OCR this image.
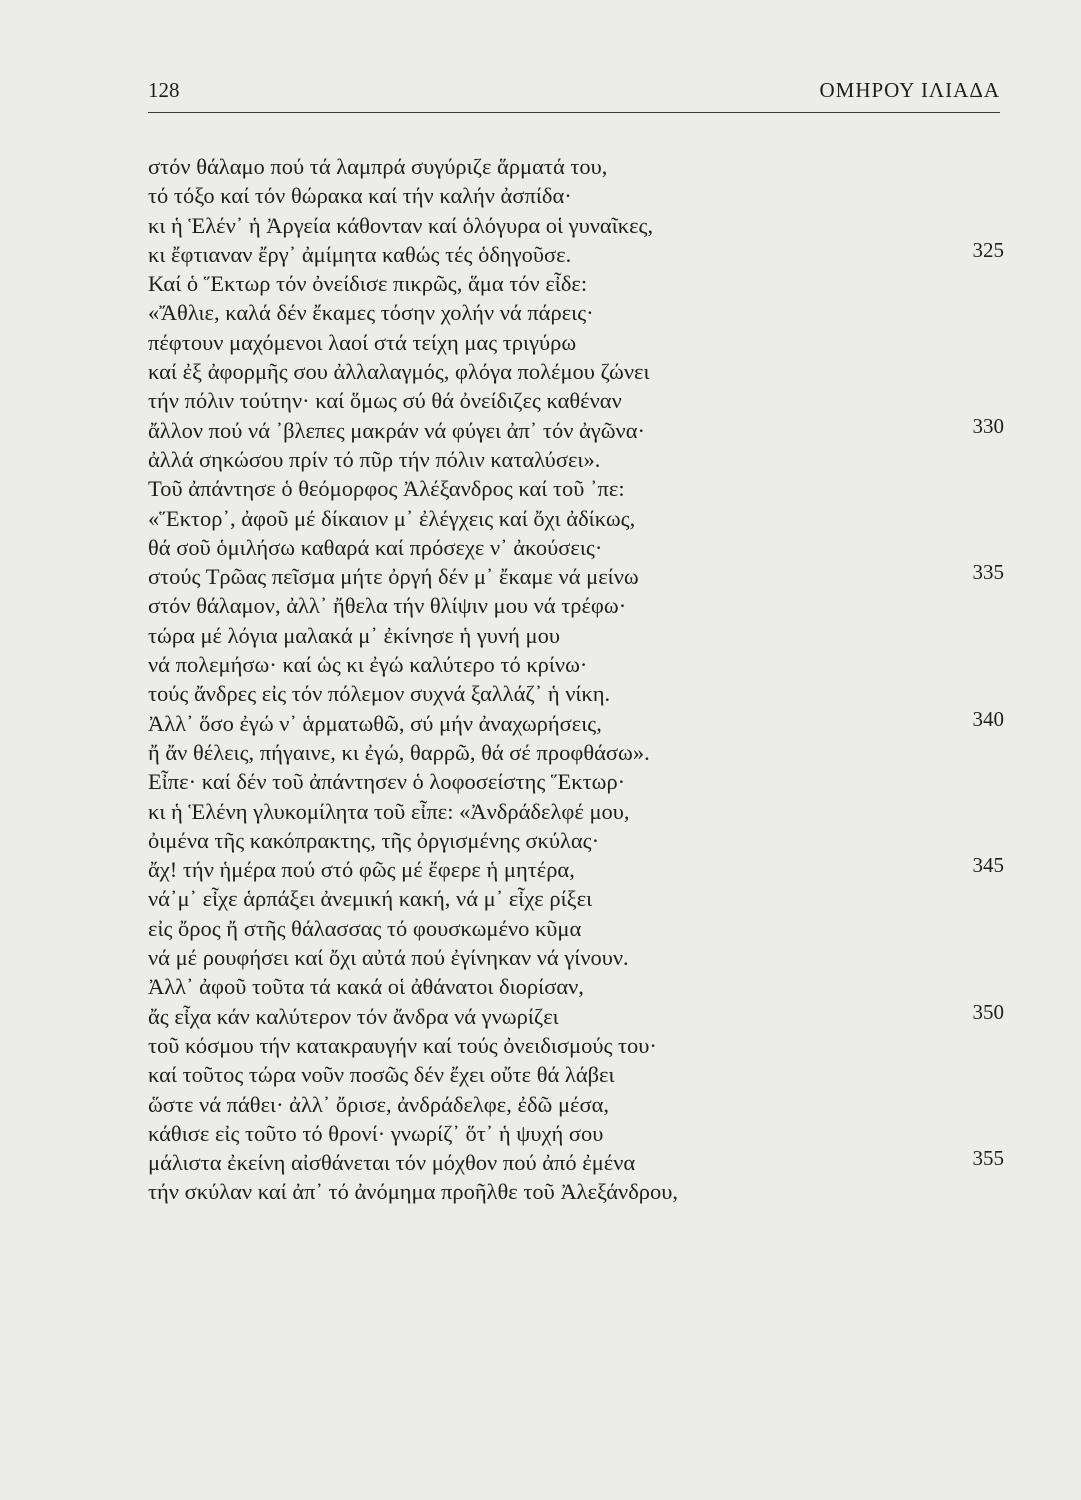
128	ΟΜΗΡΟΥ ΙΛΙΑΔΑ
στόν θάλαμο πού τά λαμπρά συγύριζε ἅρματά του,
τό τόξο καί τόν θώρακα καί τήν καλήν ἀσπίδα·
κι ἡ Ἑλέν᾽ ἡ Ἀργεία κάθονταν καί ὁλόγυρα οἱ γυναῖκες,
κι ἔφτιαναν ἔργ᾽ ἀμίμητα καθώς τές ὁδηγοῦσε.	325
Καί ὁ Ἕκτωρ τόν ὀνείδισε πικρῶς, ἅμα τόν εἶδε:
«Ἄθλιε, καλά δέν ἔκαμες τόσην χολήν νά πάρεις·
πέφτουν μαχόμενοι λαοί στά τείχη μας τριγύρω
καί ἐξ ἀφορμῆς σου ἀλλαλαγμός, φλόγα πολέμου ζώνει
τήν πόλιν τούτην· καί ὅμως σύ θά ὀνείδιζες καθέναν
ἄλλον πού νά ᾽βλεπες μακράν νά φύγει ἀπ᾽ τόν ἀγῶνα·	330
ἀλλά σηκώσου πρίν τό πῦρ τήν πόλιν καταλύσει».
Τοῦ ἀπάντησε ὁ θεόμορφος Ἀλέξανδρος καί τοῦ ᾽πε:
«Ἕκτορ᾽, ἀφοῦ μέ δίκαιον μ᾽ ἐλέγχεις καί ὄχι ἀδίκως,
θά σοῦ ὁμιλήσω καθαρά καί πρόσεχε ν᾽ ἀκούσεις·
στούς Τρῶας πεῖσμα μήτε ὀργή δέν μ᾽ ἔκαμε νά μείνω	335
στόν θάλαμον, ἀλλ᾽ ἤθελα τήν θλίψιν μου νά τρέφω·
τώρα μέ λόγια μαλακά μ᾽ ἐκίνησε ἡ γυνή μου
νά πολεμήσω· καί ὡς κι ἐγώ καλύτερο τό κρίνω·
τούς ἄνδρες εἰς τόν πόλεμον συχνά ξαλλάζ᾽ ἡ νίκη.
Ἀλλ᾽ ὅσο ἐγώ ν᾽ ἁρματωθῶ, σύ μήν ἀναχωρήσεις,	340
ἤ ἄν θέλεις, πήγαινε, κι ἐγώ, θαρρῶ, θά σέ προφθάσω».
Εἶπε· καί δέν τοῦ ἀπάντησεν ὁ λοφοσείστης Ἕκτωρ·
κι ἡ Ἑλένη γλυκομίλητα τοῦ εἶπε: «Ἀνδράδελφέ μου,
ὀιμένα τῆς κακόπρακτης, τῆς ὀργισμένης σκύλας·
ἄχ! τήν ἡμέρα πού στό φῶς μέ ἔφερε ἡ μητέρα,	345
νά᾽μ᾽ εἶχε ἁρπάξει ἀνεμική κακή, νά μ᾽ εἶχε ρίξει
εἰς ὄρος ἤ στῆς θάλασσας τό φουσκωμένο κῦμα
νά μέ ρουφήσει καί ὄχι αὐτά πού ἐγίνηκαν νά γίνουν.
Ἀλλ᾽ ἀφοῦ τοῦτα τά κακά οἱ ἀθάνατοι διορίσαν,
ἄς εἶχα κάν καλύτερον τόν ἄνδρα νά γνωρίζει	350
τοῦ κόσμου τήν κατακραυγήν καί τούς ὀνειδισμούς του·
καί τοῦτος τώρα νοῦν ποσῶς δέν ἔχει οὔτε θά λάβει
ὥστε νά πάθει· ἀλλ᾽ ὄρισε, ἀνδράδελφε, ἐδῶ μέσα,
κάθισε εἰς τοῦτο τό θρονί· γνωρίζ᾽ ὅτ᾽ ἡ ψυχή σου
μάλιστα ἐκείνη αἰσθάνεται τόν μόχθον πού ἀπό ἐμένα	355
τήν σκύλαν καί ἀπ᾽ τό ἀνόμημα προῆλθε τοῦ Ἀλεξάνδρου,
